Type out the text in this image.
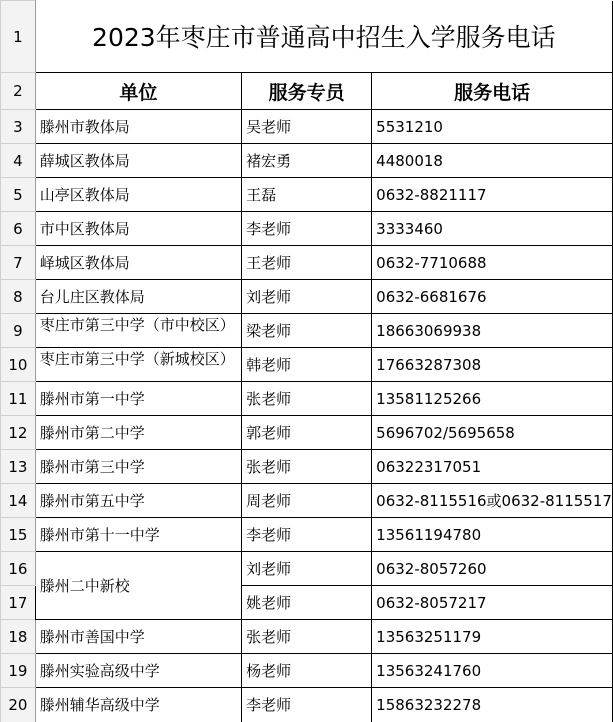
1	2023年枣庄市普通高中招生入学服务电话		
2	单位	服务专员	服务电话
3	滕州市教体局	吴老师	5531210
4	薛城区教体局	褚宏勇	4480018
5	山亭区教体局	王磊	0632-8821117
6	市中区教体局	李老师	3333460
7	峄城区教体局	王老师	0632-7710688
8	台儿庄区教体局	刘老师	0632-6681676
9	枣庄市第三中学（市中校区）	梁老师	18663069938
10	枣庄市第三中学（新城校区）	韩老师	17663287308
11	滕州市第一中学	张老师	13581125266
12	滕州市第二中学	郭老师	5696702/5695658
13	滕州市第三中学	张老师	06322317051
14	滕州市第五中学	周老师	0632-8115516或0632-8115517
15	滕州市第十一中学	李老师	13561194780
16	滕州二中新校	刘老师	0632-8057260
17		姚老师	0632-8057217
18	滕州市善国中学	张老师	13563251179
19	滕州实验高级中学	杨老师	13563241760
20	滕州辅华高级中学	李老师	15863232278
